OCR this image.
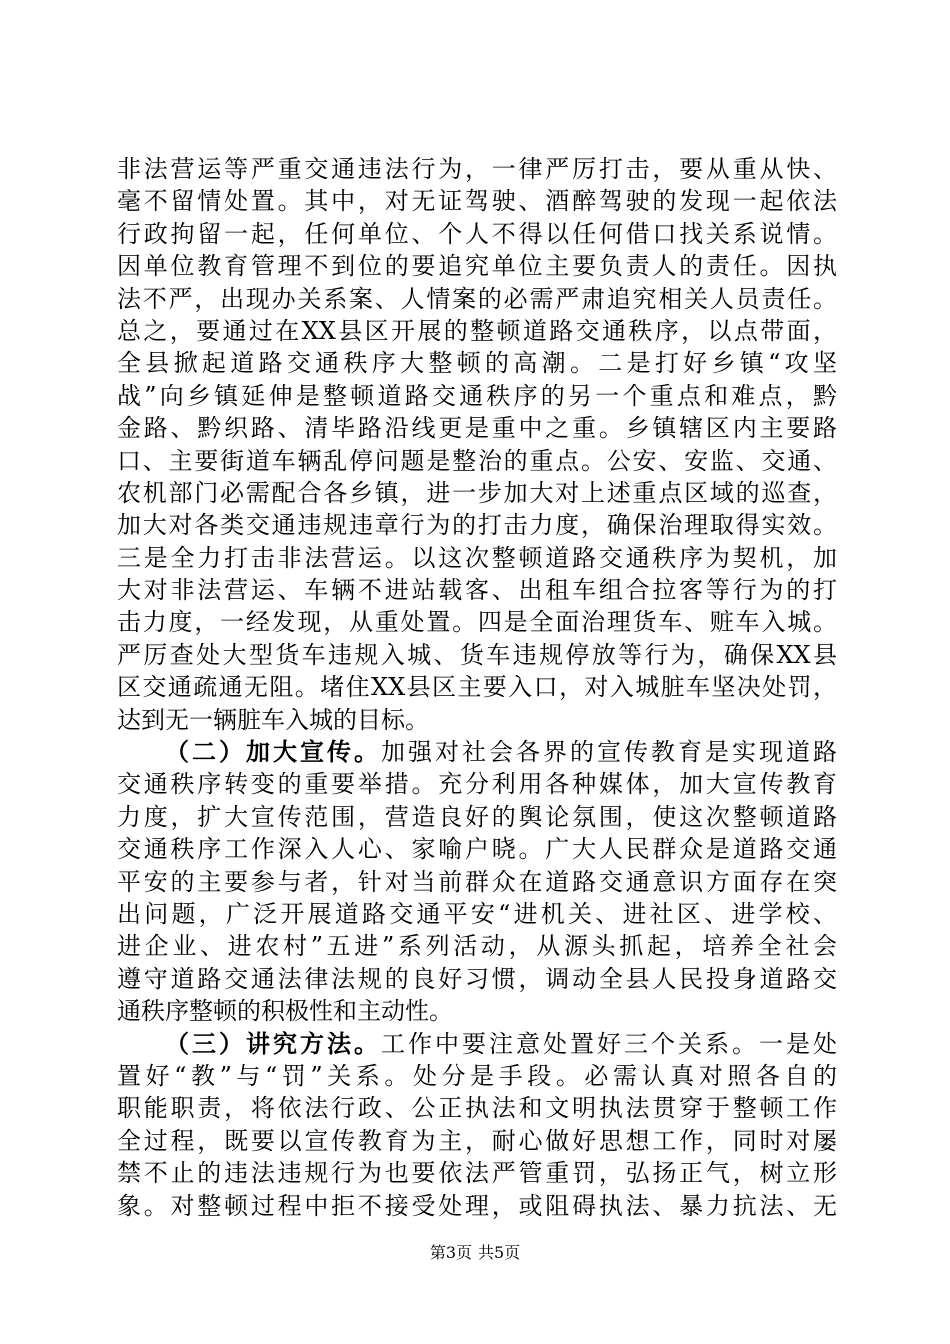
非法营运等严重交通违法行为，一律严厉打击，要从重从快、
毫不留情处置。其中，对无证驾驶、酒醉驾驶的发现一起依法
行政拘留一起，任何单位、个人不得以任何借口找关系说情。
因单位教育管理不到位的要追究单位主要负责人的责任。因执
法不严，出现办关系案、人情案的必需严肃追究相关人员责任。
总之，要通过在XX县区开展的整顿道路交通秩序，以点带面，
全县掀起道路交通秩序大整顿的高潮。二是打好乡镇“攻坚
战”向乡镇延伸是整顿道路交通秩序的另一个重点和难点，黔
金路、黔织路、清毕路沿线更是重中之重。乡镇辖区内主要路
口、主要街道车辆乱停问题是整治的重点。公安、安监、交通、
农机部门必需配合各乡镇，进一步加大对上述重点区域的巡查，
加大对各类交通违规违章行为的打击力度，确保治理取得实效。
三是全力打击非法营运。以这次整顿道路交通秩序为契机，加
大对非法营运、车辆不进站载客、出租车组合拉客等行为的打
击力度，一经发现，从重处置。四是全面治理货车、赃车入城。
严厉查处大型货车违规入城、货车违规停放等行为，确保XX县
区交通疏通无阻。堵住XX县区主要入口，对入城脏车坚决处罚，
达到无一辆脏车入城的目标。
（二）加大宣传。加强对社会各界的宣传教育是实现道路
交通秩序转变的重要举措。充分利用各种媒体，加大宣传教育
力度，扩大宣传范围，营造良好的舆论氛围，使这次整顿道路
交通秩序工作深入人心、家喻户晓。广大人民群众是道路交通
平安的主要参与者，针对当前群众在道路交通意识方面存在突
出问题，广泛开展道路交通平安“进机关、进社区、进学校、
进企业、进农村”五进”系列活动，从源头抓起，培养全社会
遵守道路交通法律法规的良好习惯，调动全县人民投身道路交
通秩序整顿的积极性和主动性。
（三）讲究方法。工作中要注意处置好三个关系。一是处
置好“教”与“罚”关系。处分是手段。必需认真对照各自的
职能职责，将依法行政、公正执法和文明执法贯穿于整顿工作
全过程，既要以宣传教育为主，耐心做好思想工作，同时对屡
禁不止的违法违规行为也要依法严管重罚，弘扬正气，树立形
象。对整顿过程中拒不接受处理，或阻碍执法、暴力抗法、无
第3页 共5页
